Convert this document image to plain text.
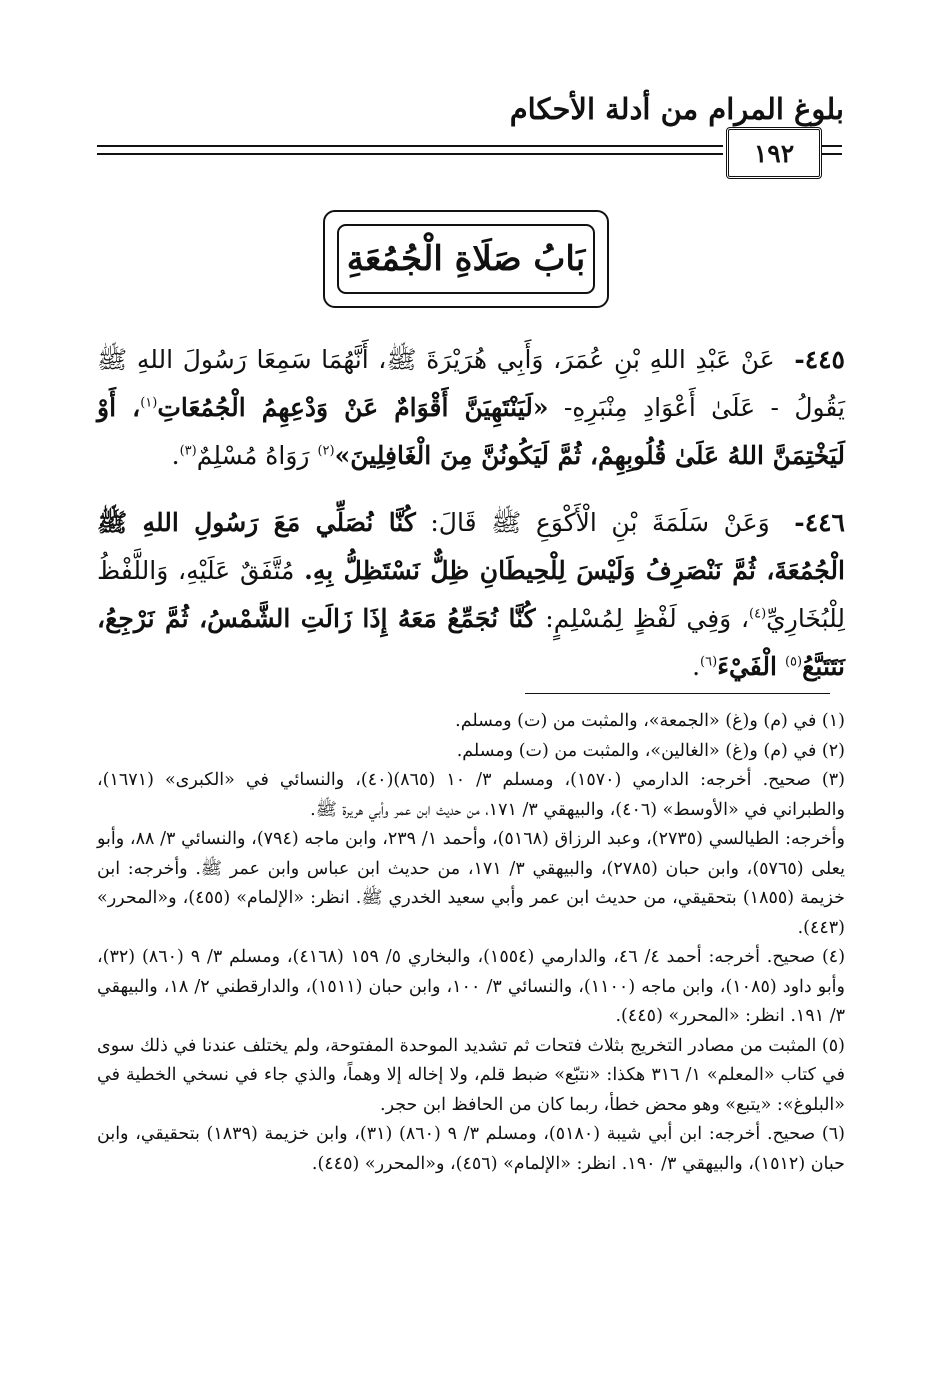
بلوغ المرام من أدلة الأحكام
١٩٢
بَابُ صَلَاةِ الْجُمُعَةِ
٤٤٥- عَنْ عَبْدِ اللهِ بْنِ عُمَرَ، وَأَبِي هُرَيْرَةَ ﷺ، أَنَّهُمَا سَمِعَا رَسُولَ اللهِ ﷺ يَقُولُ - عَلَىٰ أَعْوَادِ مِنْبَرِهِ- «لَيَنْتَهِيَنَّ أَقْوَامٌ عَنْ وَدْعِهِمُ الْجُمُعَاتِ$^{(١)}$، أَوْ لَيَخْتِمَنَّ اللهُ عَلَىٰ قُلُوبِهِمْ، ثُمَّ لَيَكُونُنَّ مِنَ الْغَافِلِينَ»$^{(٢)}$ رَوَاهُ مُسْلِمٌ$^{(٣)}$.
٤٤٦- وَعَنْ سَلَمَةَ بْنِ الْأَكْوَعِ ﷺ قَالَ: كُنَّا نُصَلِّي مَعَ رَسُولِ اللهِ ﷺ الْجُمُعَةَ، ثُمَّ نَنْصَرِفُ وَلَيْسَ لِلْحِيطَانِ ظِلٌّ نَسْتَظِلُّ بِهِ. مُتَّفَقٌ عَلَيْهِ، وَاللَّفْظُ لِلْبُخَارِيِّ$^{(٤)}$، وَفِي لَفْظٍ لِمُسْلِمٍ: كُنَّا نُجَمِّعُ مَعَهُ إِذَا زَالَتِ الشَّمْسُ، ثُمَّ نَرْجِعُ، نَتَتَبَّعُ$^{(٥)}$ الْفَيْءَ$^{(٦)}$.
(١) في (م) و(غ) «الجمعة»، والمثبت من (ت) ومسلم.
(٢) في (م) و(غ) «الغالين»، والمثبت من (ت) ومسلم.
(٣) صحيح. أخرجه: الدارمي (١٥٧٠)، ومسلم ٣/ ١٠ (٨٦٥)(٤٠)، والنسائي في «الكبرى» (١٦٧١)، والطبراني في «الأوسط» (٤٠٦)، والبيهقي ٣/ ١٧١، من حديث ابن عمر وأبي هريرة ﷺ.
وأخرجه: الطيالسي (٢٧٣٥)، وعبد الرزاق (٥١٦٨)، وأحمد ١/ ٢٣٩، وابن ماجه (٧٩٤)، والنسائي ٣/ ٨٨، وأبو يعلى (٥٧٦٥)، وابن حبان (٢٧٨٥)، والبيهقي ٣/ ١٧١، من حديث ابن عباس وابن عمر ﷺ. وأخرجه: ابن خزيمة (١٨٥٥) بتحقيقي، من حديث ابن عمر وأبي سعيد الخدري ﷺ. انظر: «الإلمام» (٤٥٥)، و«المحرر» (٤٤٣).
(٤) صحيح. أخرجه: أحمد ٤/ ٤٦، والدارمي (١٥٥٤)، والبخاري ٥/ ١٥٩ (٤١٦٨)، ومسلم ٣/ ٩ (٨٦٠) (٣٢)، وأبو داود (١٠٨٥)، وابن ماجه (١١٠٠)، والنسائي ٣/ ١٠٠، وابن حبان (١٥١١)، والدارقطني ٢/ ١٨، والبيهقي ٣/ ١٩١. انظر: «المحرر» (٤٤٥).
(٥) المثبت من مصادر التخريج بثلاث فتحات ثم تشديد الموحدة المفتوحة، ولم يختلف عندنا في ذلك سوى في كتاب «المعلم» ١/ ٣١٦ هكذا: «نتبّع» ضبط قلم، ولا إخاله إلا وهماً، والذي جاء في نسخي الخطية في «البلوغ»: «يتبع» وهو محض خطأ، ربما كان من الحافظ ابن حجر.
(٦) صحيح. أخرجه: ابن أبي شيبة (٥١٨٠)، ومسلم ٣/ ٩ (٨٦٠) (٣١)، وابن خزيمة (١٨٣٩) بتحقيقي، وابن حبان (١٥١٢)، والبيهقي ٣/ ١٩٠. انظر: «الإلمام» (٤٥٦)، و«المحرر» (٤٤٥).
